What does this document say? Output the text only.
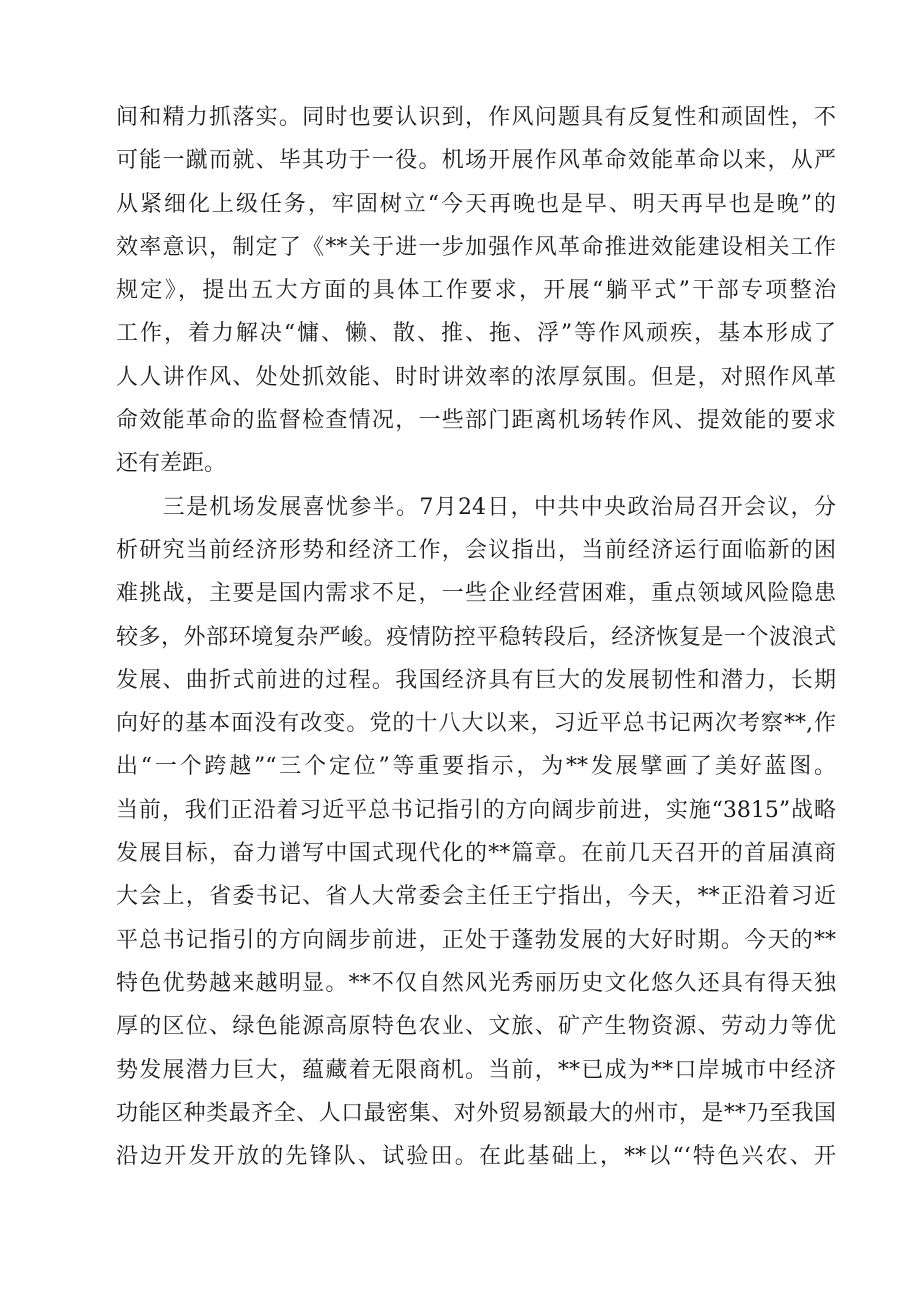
间和精力抓落实。同时也要认识到，作风问题具有反复性和顽固性，不
可能一蹴而就、毕其功于一役。机场开展作风革命效能革命以来，从严
从紧细化上级任务，牢固树立“今天再晚也是早、明天再早也是晚”的
效率意识，制定了《**关于进一步加强作风革命推进效能建设相关工作
规定》，提出五大方面的具体工作要求，开展“躺平式”干部专项整治
工作，着力解决“慵、懒、散、推、拖、浮”等作风顽疾，基本形成了
人人讲作风、处处抓效能、时时讲效率的浓厚氛围。但是，对照作风革
命效能革命的监督检查情况，一些部门距离机场转作风、提效能的要求
还有差距。
　　三是机场发展喜忧参半。7月24日，中共中央政治局召开会议，分
析研究当前经济形势和经济工作，会议指出，当前经济运行面临新的困
难挑战，主要是国内需求不足，一些企业经营困难，重点领域风险隐患
较多，外部环境复杂严峻。疫情防控平稳转段后，经济恢复是一个波浪式
发展、曲折式前进的过程。我国经济具有巨大的发展韧性和潜力，长期
向好的基本面没有改变。党的十八大以来，习近平总书记两次考察**,作
出“一个跨越”“三个定位”等重要指示，为**发展擘画了美好蓝图。
当前，我们正沿着习近平总书记指引的方向阔步前进，实施“3815”战略
发展目标，奋力谱写中国式现代化的**篇章。在前几天召开的首届滇商
大会上，省委书记、省人大常委会主任王宁指出，今天，**正沿着习近
平总书记指引的方向阔步前进，正处于蓬勃发展的大好时期。今天的**
特色优势越来越明显。**不仅自然风光秀丽历史文化悠久还具有得天独
厚的区位、绿色能源高原特色农业、文旅、矿产生物资源、劳动力等优
势发展潜力巨大，蕴藏着无限商机。当前，**已成为**口岸城市中经济
功能区种类最齐全、人口最密集、对外贸易额最大的州市，是**乃至我国
沿边开发开放的先锋队、试验田。在此基础上，**以“‘特色兴农、开
